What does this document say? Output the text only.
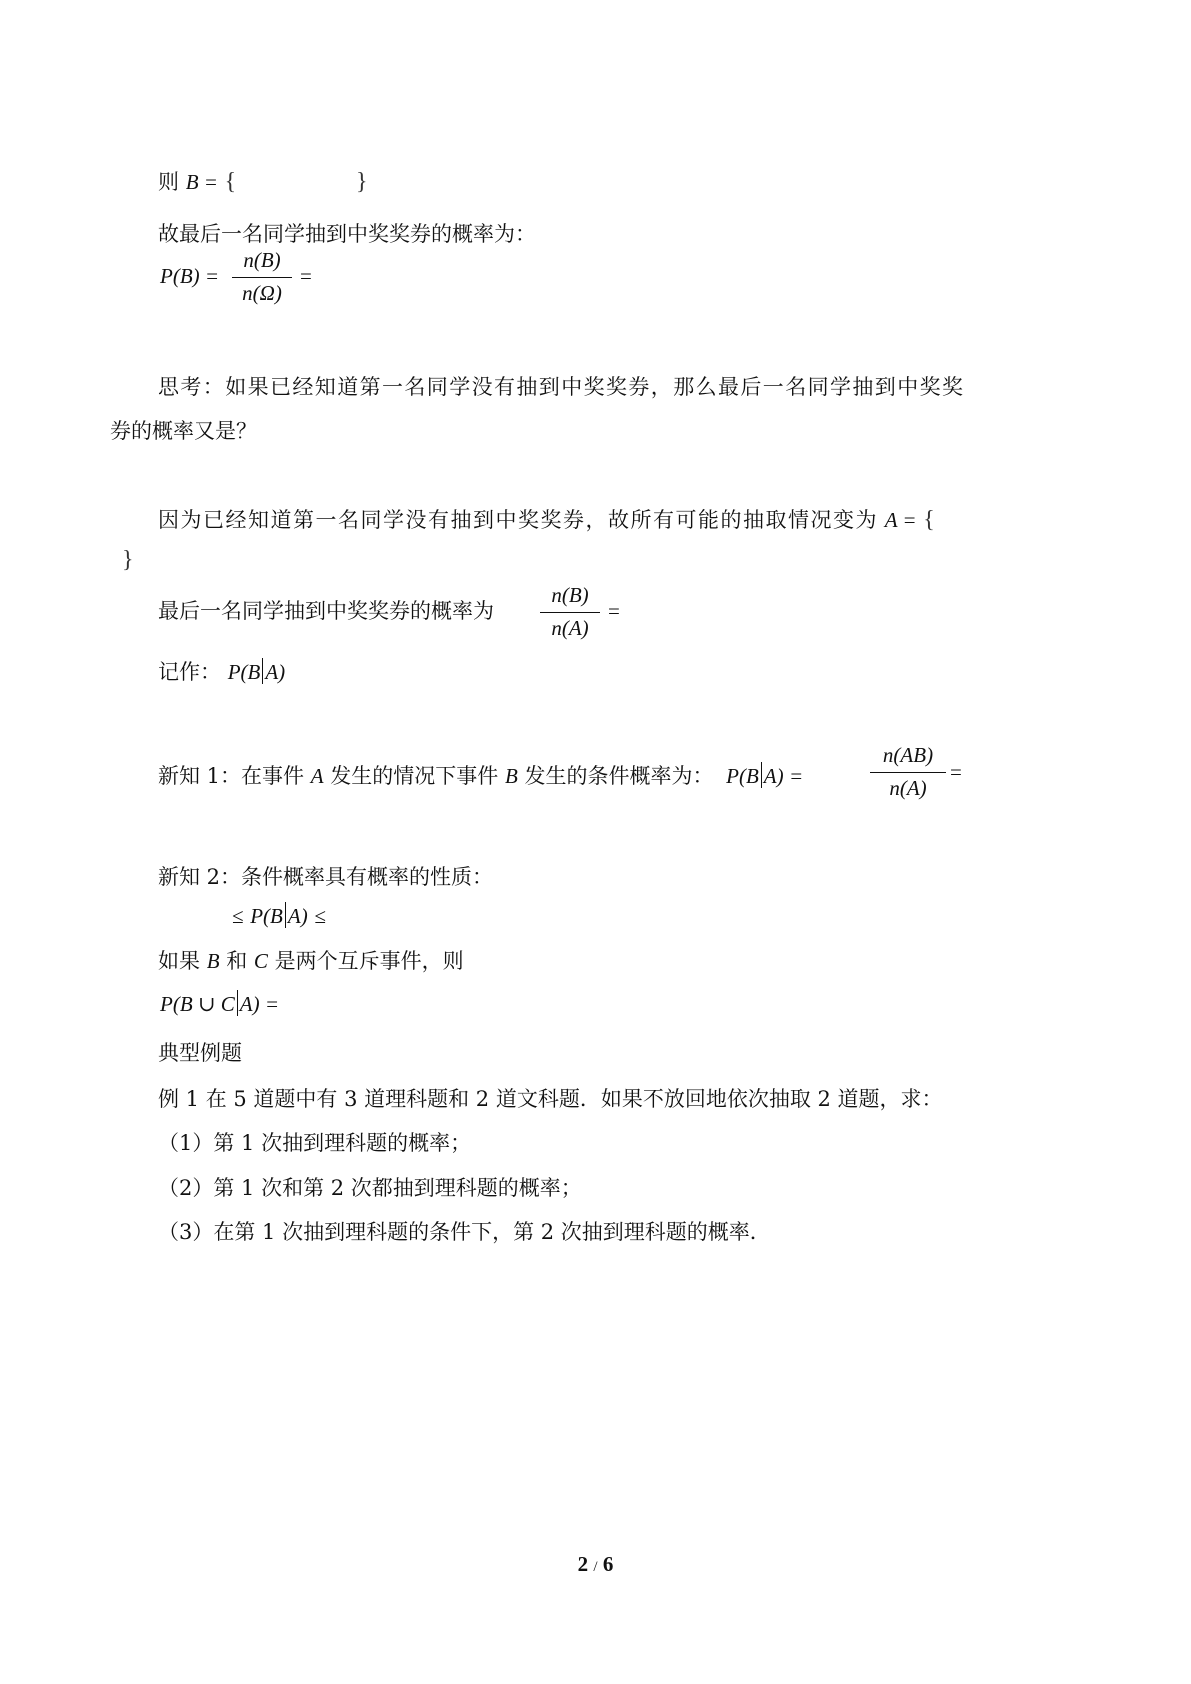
则 B = {	}
故最后一名同学抽到中奖奖券的概率为：
P(B) =
n(B)
n(Ω)
=
思考：如果已经知道第一名同学没有抽到中奖奖券，那么最后一名同学抽到中奖奖
券的概率又是？
因为已经知道第一名同学没有抽到中奖奖券，故所有可能的抽取情况变为 A = {
}
最后一名同学抽到中奖奖券的概率为
n(B)
n(A)
=
记作： P(B A)
新知 1：在事件 A 发生的情况下事件 B 发生的条件概率为： P(B A) =
n(AB)
n(A)
=
新知 2：条件概率具有概率的性质：
≤ P(B A) ≤
如果 B 和 C 是两个互斥事件，则
P(B ∪ C A) =
典型例题
例 1 在 5 道题中有 3 道理科题和 2 道文科题．如果不放回地依次抽取 2 道题，求：
（1）第 1 次抽到理科题的概率；
（2）第 1 次和第 2 次都抽到理科题的概率；
（3）在第 1 次抽到理科题的条件下，第 2 次抽到理科题的概率．
2 / 6
